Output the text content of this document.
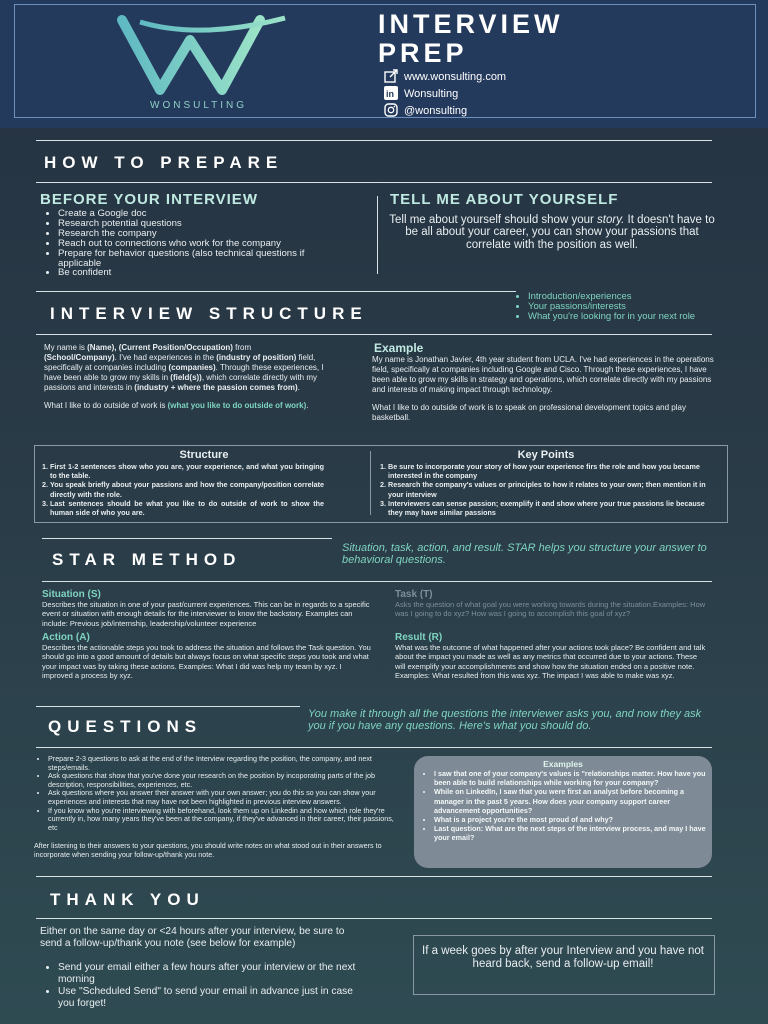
WONSULTING
INTERVIEW
PREP
www.wonsulting.com
in Wonsulting
@wonsulting
HOW TO PREPARE
BEFORE YOUR INTERVIEW
• Create a Google doc
• Research potential questions
• Research the company
• Reach out to connections who work for the company
• Prepare for behavior questions (also technical questions if applicable
• Be confident
TELL ME ABOUT YOURSELF
Tell me about yourself should show your story. It doesn't have to be all about your career, you can show your passions that correlate with the position as well.
INTERVIEW STRUCTURE
• Introduction/experiences
• Your passions/interests
• What you're looking for in your next role
My name is (Name), (Current Position/Occupation) from (School/Company). I've had experiences in the (industry of position) field, specifically at companies including (companies). Through these experiences, I have been able to grow my skills in (field(s)), which correlate directly with my passions and interests in (industry + where the passion comes from).
What I like to do outside of work is (what you like to do outside of work).
Example
My name is Jonathan Javier, 4th year student from UCLA. I've had experiences in the operations field, specifically at companies including Google and Cisco. Through these experiences, I have been able to grow my skills in strategy and operations, which correlate directly with my passions and interests of making impact through technology.
What I like to do outside of work is to speak on professional development topics and play basketball.
Structure
1. First 1-2 sentences show who you are, your experience, and what you bringing to the table.
2. You speak briefly about your passions and how the company/position correlate directly with the role.
3. Last sentences should be what you like to do outside of work to show the human side of who you are.
Key Points
1. Be sure to incorporate your story of how your experience firs the role and how you became interested in the company
2. Research the company's values or principles to how it relates to your own; then mention it in your interview
3. Interviewers can sense passion; exemplify it and show where your true passions lie because they may have similar passions
STAR METHOD
Situation, task, action, and result. STAR helps you structure your answer to behavioral questions.
Situation (S)
Describes the situation in one of your past/current experiences. This can be in regards to a specific event or situation with enough details for the interviewer to know the backstory. Examples can include: Previous job/internship, leadership/volunteer experience
Task (T)
Asks the question of what goal you were working towards during the situation.Examples: How was I going to do xyz? How was I going to accomplish this goal of xyz?
Action (A)
Describes the actionable steps you took to address the situation and follows the Task question. You should go into a good amount of details but always focus on what specific steps you took and what your impact was by taking these actions. Examples: What I did was help my team by xyz. I improved a process by xyz.
Result (R)
What was the outcome of what happened after your actions took place? Be confident and talk about the impact you made as well as any metrics that occurred due to your actions. These will exemplify your accomplishments and show how the situation ended on a positive note. Examples: What resulted from this was xyz. The impact I was able to make was xyz.
QUESTIONS
You make it through all the questions the interviewer asks you, and now they ask you if you have any questions. Here's what you should do.
• Prepare 2-3 questions to ask at the end of the Interview regarding the position, the company, and next steps/emails.
• Ask questions that show that you've done your research on the position by incoporating parts of the job description, responsibilities, experiences, etc.
• Ask questions where you answer their answer with your own answer; you do this so you can show your experiences and interests that may have not been highlighted in previous interview answers.
• If you know who you're interviewing with beforehand, look them up on Linkedin and how which role they're currently in, how many years they've been at the company, if they've advanced in their career, their passions, etc
After listening to their answers to your questions, you should write notes on what stood out in their answers to incorporate when sending your follow-up/thank you note.
Examples
• I saw that one of your company's values is "relationships matter. How have you been able to build relationships while working for your company?
• While on LinkedIn, I saw that you were first an analyst before becoming a manager in the past 5 years. How does your company support career advancement opportunities?
• What is a project you're the most proud of and why?
• Last question: What are the next steps of the interview process, and may I have your email?
THANK YOU
Either on the same day or <24 hours after your interview, be sure to send a follow-up/thank you note (see below for example)
• Send your email either a few hours after your interview or the next morning
• Use "Scheduled Send" to send your email in advance just in case you forget!
If a week goes by after your Interview and you have not heard back, send a follow-up email!
